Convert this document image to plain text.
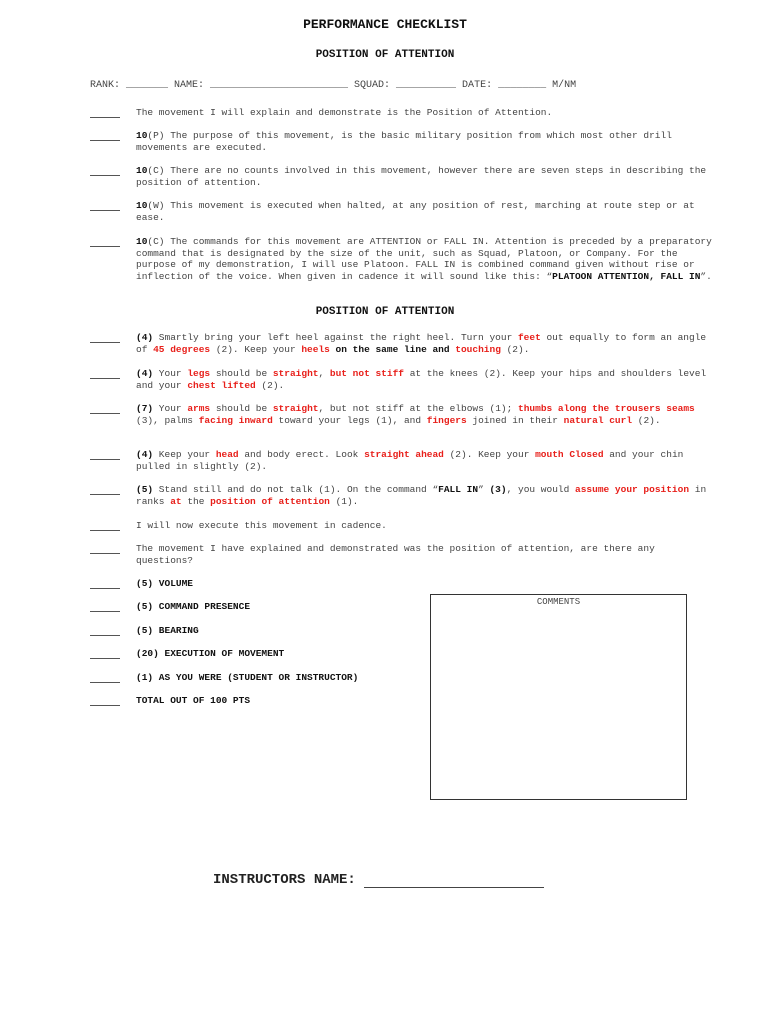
PERFORMANCE CHECKLIST
POSITION OF ATTENTION
RANK: _______ NAME: _______________________ SQUAD: __________ DATE: ________ M/NM
The movement I will explain and demonstrate is the Position of Attention.
10(P) The purpose of this movement, is the basic military position from which most other drill movements are executed.
10(C) There are no counts involved in this movement, however there are seven steps in describing the position of attention.
10(W) This movement is executed when halted, at any position of rest, marching at route step or at ease.
10(C) The commands for this movement are ATTENTION or FALL IN. Attention is preceded by a preparatory command that is designated by the size of the unit, such as Squad, Platoon, or Company. For the purpose of my demonstration, I will use Platoon. FALL IN is combined command given without rise or inflection of the voice. When given in cadence it will sound like this: “PLATOON ATTENTION, FALL IN”.
POSITION OF ATTENTION
(4) Smartly bring your left heel against the right heel. Turn your feet out equally to form an angle of 45 degrees (2). Keep your heels on the same line and touching (2).
(4) Your legs should be straight, but not stiff at the knees (2). Keep your hips and shoulders level and your chest lifted (2).
(7) Your arms should be straight, but not stiff at the elbows (1); thumbs along the trousers seams (3), palms facing inward toward your legs (1), and fingers joined in their natural curl (2).
(4) Keep your head and body erect. Look straight ahead (2). Keep your mouth Closed and your chin pulled in slightly (2).
(5) Stand still and do not talk (1). On the command “FALL IN” (3), you would assume your position in ranks at the position of attention (1).
I will now execute this movement in cadence.
The movement I have explained and demonstrated was the position of attention, are there any questions?
(5) VOLUME
(5) COMMAND PRESENCE
(5) BEARING
(20) EXECUTION OF MOVEMENT
(1) AS YOU WERE (STUDENT OR INSTRUCTOR)
TOTAL OUT OF 100 PTS
COMMENTS
INSTRUCTORS NAME:
